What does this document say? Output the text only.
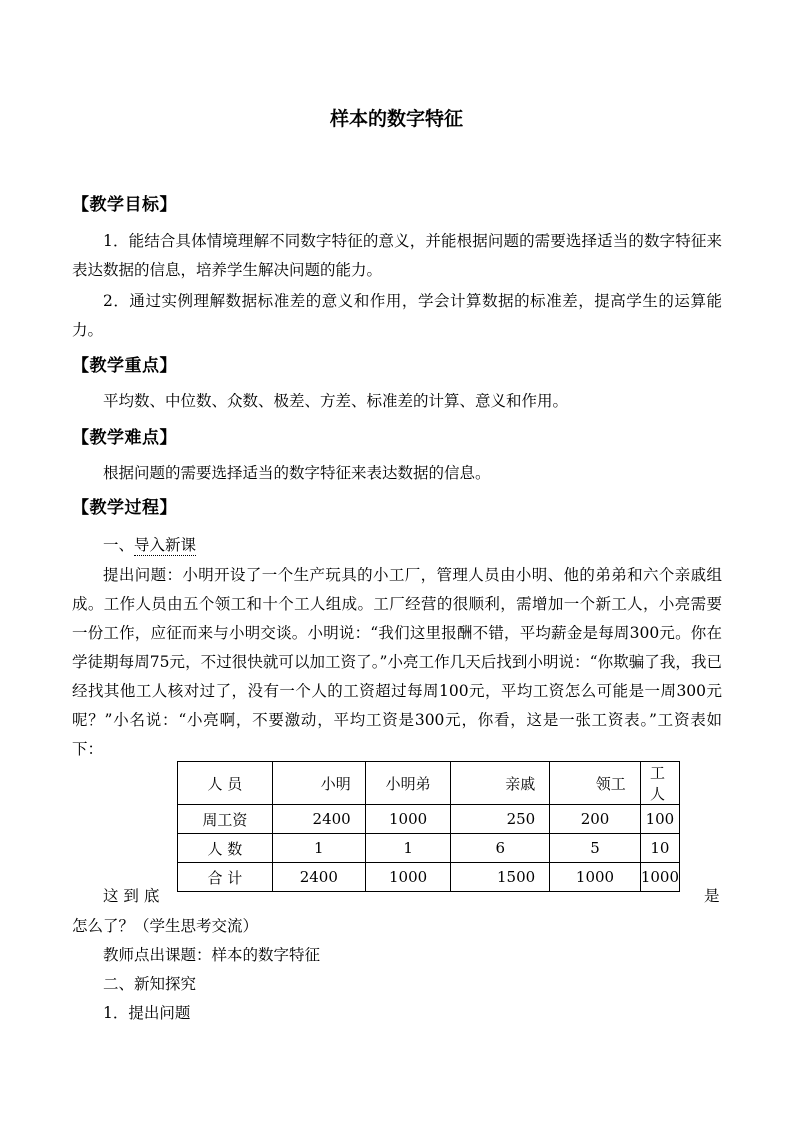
样本的数字特征
【教学目标】
1．能结合具体情境理解不同数字特征的意义，并能根据问题的需要选择适当的数字特征来表达数据的信息，培养学生解决问题的能力。
2．通过实例理解数据标准差的意义和作用，学会计算数据的标准差，提高学生的运算能力。
【教学重点】
平均数、中位数、众数、极差、方差、标准差的计算、意义和作用。
【教学难点】
根据问题的需要选择适当的数字特征来表达数据的信息。
【教学过程】
一、导入新课
提出问题：小明开设了一个生产玩具的小工厂，管理人员由小明、他的弟弟和六个亲戚组成。工作人员由五个领工和十个工人组成。工厂经营的很顺利，需增加一个新工人，小亮需要一份工作，应征而来与小明交谈。小明说：“我们这里报酬不错，平均薪金是每周300元。你在学徒期每周75元，不过很快就可以加工资了。”小亮工作几天后找到小明说：“你欺骗了我，我已经找其他工人核对过了，没有一个人的工资超过每周100元，平均工资怎么可能是一周300元呢？”小名说：“小亮啊，不要激动，平均工资是300元，你看，这是一张工资表。”工资表如下：
人 员	小明	小明弟	亲戚	领工	工人
周工资	2400	1000	250	200	100
人 数	1	1	6	5	10
合 计	2400	1000	1500	1000	1000
这 到 底	是
怎么了？（学生思考交流）
教师点出课题：样本的数字特征
二、新知探究
1．提出问题
